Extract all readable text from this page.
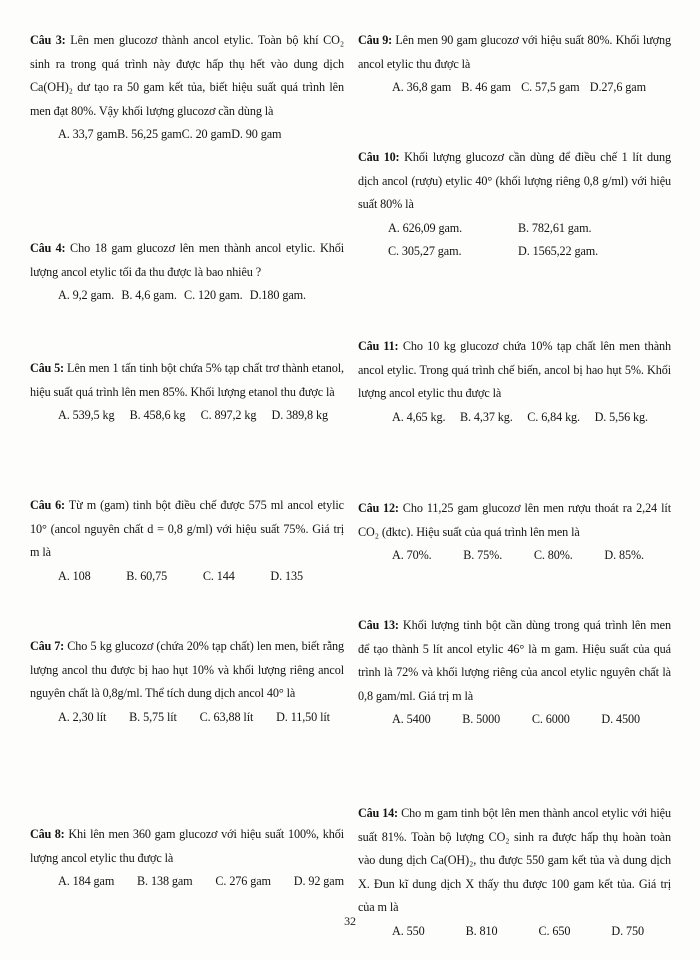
Câu 3: Lên men glucozơ thành ancol etylic. Toàn bộ khí CO₂ sinh ra trong quá trình này được hấp thụ hết vào dung dịch Ca(OH)₂ dư tạo ra 50 gam kết tủa, biết hiệu suất quá trình lên men đạt 80%. Vậy khối lượng glucozơ cần dùng là

A. 33,7 gam B. 56,25 gam C. 20 gam D. 90 gam

Câu 4: Cho 18 gam glucozơ lên men thành ancol etylic. Khối lượng ancol etylic tối đa thu được là bao nhiêu ?

A. 9,2 gam. B. 4,6 gam. C. 120 gam. D.180 gam.

Câu 5: Lên men 1 tấn tinh bột chứa 5% tạp chất trơ thành etanol, hiệu suất quá trình lên men 85%. Khối lượng etanol thu được là

A. 539,5 kg B. 458,6 kg C. 897,2 kg D. 389,8 kg

Câu 6: Từ m (gam) tinh bột điều chế được 575 ml ancol etylic 10° (ancol nguyên chất d = 0,8 g/ml) với hiệu suất 75%. Giá trị m là

A. 108	B. 60,75	C. 144	D. 135

Câu 7: Cho 5 kg glucozơ (chứa 20% tạp chất) len men, biết rằng lượng ancol thu được bị hao hụt 10% và khối lượng riêng ancol nguyên chất là 0,8g/ml. Thể tích dung dịch ancol 40° là

A. 2,30 lít B. 5,75 lít C. 63,88 lít D. 11,50 lít

Câu 8: Khi lên men 360 gam glucozơ với hiệu suất 100%, khối lượng ancol etylic thu được là

A. 184 gam B. 138 gam C. 276 gam D. 92 gam

Câu 9: Lên men 90 gam glucozơ với hiệu suất 80%. Khối lượng ancol etylic thu được là

A. 36,8 gam B. 46 gam C. 57,5 gam D.27,6 gam

Câu 10: Khối lượng glucozơ cần dùng để điều chế 1 lít dung dịch ancol (rượu) etylic 40° (khối lượng riêng 0,8 g/ml) với hiệu suất 80% là

A. 626,09 gam.	B. 782,61 gam.
C. 305,27 gam.	D. 1565,22 gam.

Câu 11: Cho 10 kg glucozơ chứa 10% tạp chất lên men thành ancol etylic. Trong quá trình chế biến, ancol bị hao hụt 5%. Khối lượng ancol etylic thu được là

A. 4,65 kg. B. 4,37 kg. C. 6,84 kg. D. 5,56 kg.

Câu 12: Cho 11,25 gam glucozơ lên men rượu thoát ra 2,24 lít CO₂ (đktc). Hiệu suất của quá trình lên men là

A. 70%.	B. 75%.	C. 80%.	D. 85%.

Câu 13: Khối lượng tinh bột cần dùng trong quá trình lên men để tạo thành 5 lít ancol etylic 46° là m gam. Hiệu suất của quá trình là 72% và khối lượng riêng của ancol etylic nguyên chất là 0,8 gam/ml. Giá trị m là

A. 5400	B. 5000	C. 6000	D. 4500

Câu 14: Cho m gam tinh bột lên men thành ancol etylic với hiệu suất 81%. Toàn bộ lượng CO₂ sinh ra được hấp thụ hoàn toàn vào dung dịch Ca(OH)₂, thu được 550 gam kết tủa và dung dịch X. Đun kĩ dung dịch X thấy thu được 100 gam kết tủa. Giá trị của m là

A. 550	B. 810	C. 650	D. 750
32
